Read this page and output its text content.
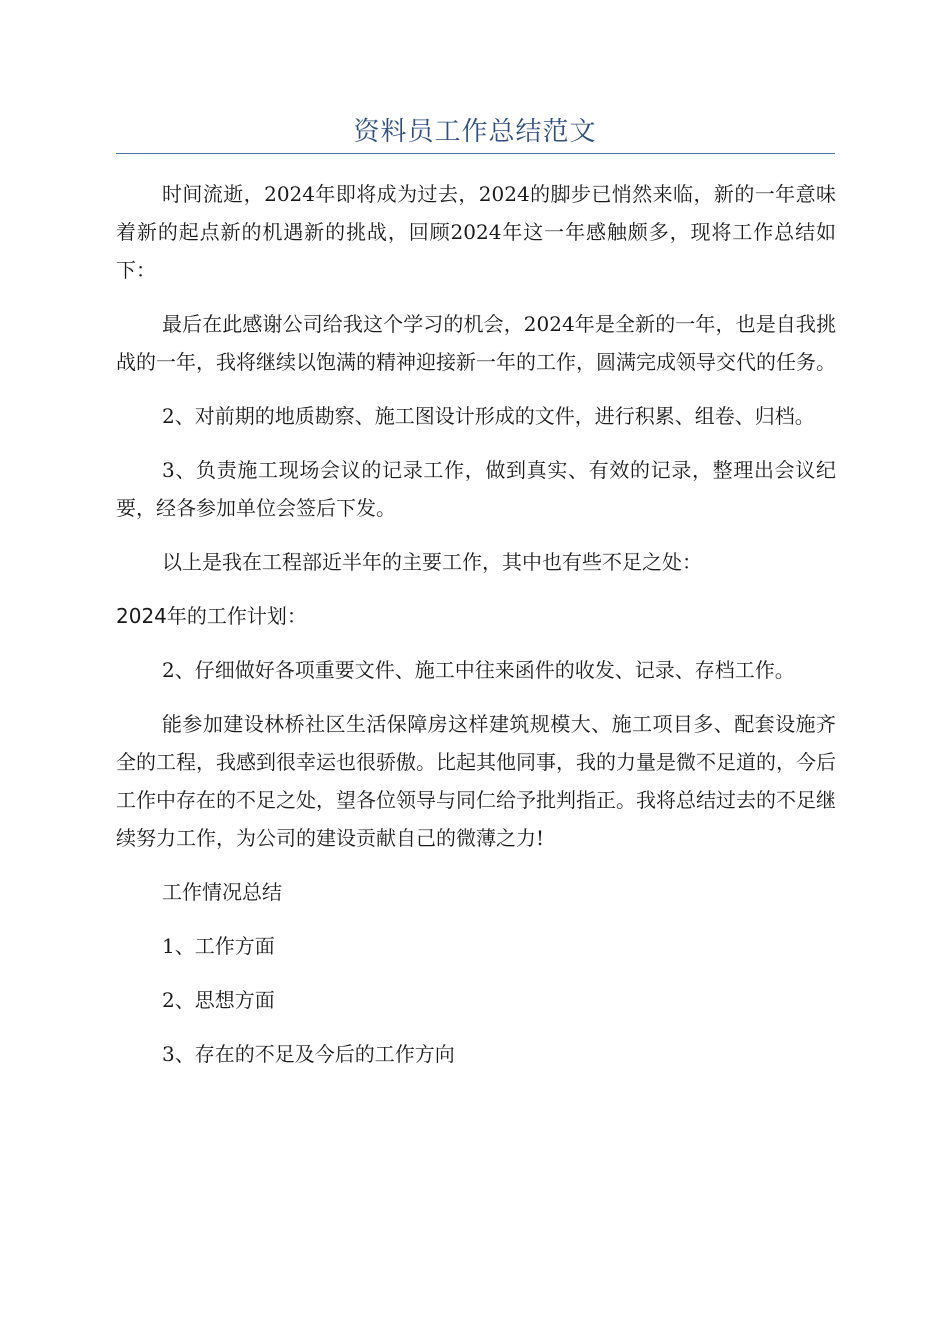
资料员工作总结范文

时间流逝，2024年即将成为过去，2024的脚步已悄然来临，新的一年意味着新的起点新的机遇新的挑战，回顾2024年这一年感触颇多，现将工作总结如下：

最后在此感谢公司给我这个学习的机会，2024年是全新的一年，也是自我挑战的一年，我将继续以饱满的精神迎接新一年的工作，圆满完成领导交代的任务。

2、对前期的地质勘察、施工图设计形成的文件，进行积累、组卷、归档。

3、负责施工现场会议的记录工作，做到真实、有效的记录，整理出会议纪要，经各参加单位会签后下发。

以上是我在工程部近半年的主要工作，其中也有些不足之处：

2024年的工作计划：

2、仔细做好各项重要文件、施工中往来函件的收发、记录、存档工作。

能参加建设林桥社区生活保障房这样建筑规模大、施工项目多、配套设施齐全的工程，我感到很幸运也很骄傲。比起其他同事，我的力量是微不足道的，今后工作中存在的不足之处，望各位领导与同仁给予批判指正。我将总结过去的不足继续努力工作，为公司的建设贡献自己的微薄之力!

工作情况总结

1、工作方面

2、思想方面

3、存在的不足及今后的工作方向
